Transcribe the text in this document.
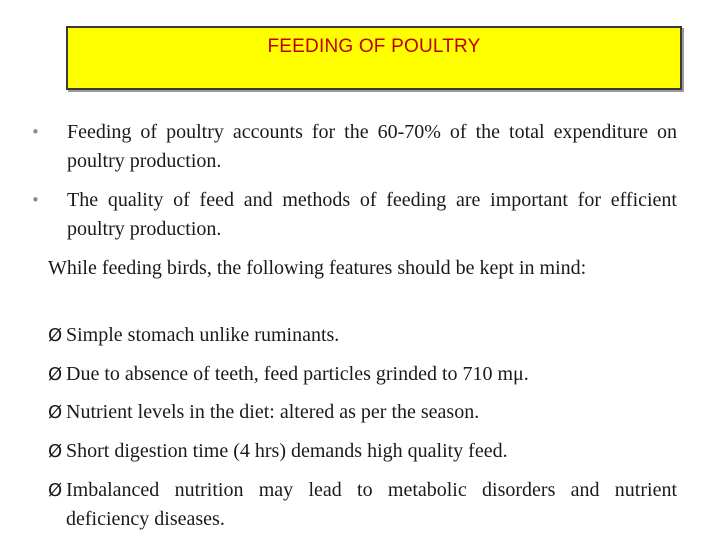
FEEDING OF POULTRY
• Feeding of poultry accounts for the 60-70% of the total expenditure on poultry production.
• The quality of feed and methods of feeding are important for efficient poultry production.
While feeding birds, the following features should be kept in mind:
Ø Simple stomach unlike ruminants.
Ø Due to absence of teeth, feed particles grinded to 710 mμ.
Ø Nutrient levels in the diet: altered as per the season.
Ø Short digestion time (4 hrs) demands high quality feed.
Ø Imbalanced nutrition may lead to metabolic disorders and nutrient deficiency diseases.
